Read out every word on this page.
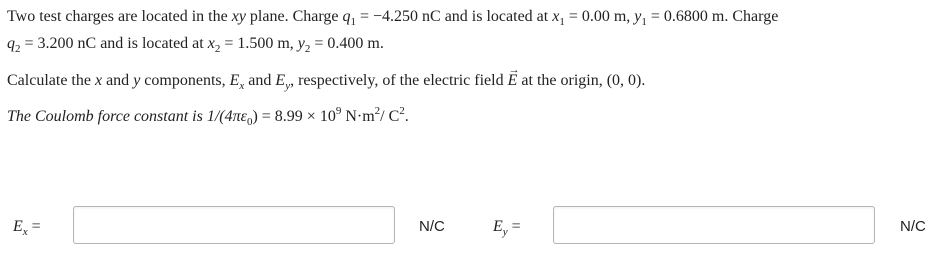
Two test charges are located in the xy plane. Charge $q_1 = -4.250$ nC and is located at $x_1 = 0.00$ m, $y_1 = 0.6800$ m. Charge
$q_2 = 3.200$ nC and is located at $x_2 = 1.500$ m, $y_2 = 0.400$ m.
Calculate the x and y components, $E_x$ and $E_y$, respectively, of the electric field → E at the origin, (0, 0).
The Coulomb force constant is $1/(4\pi\varepsilon_0) = 8.99 \times 10^9$ $N\cdot m^2/$ $C^2$.
$E_x$ =	N/C	$E_y$ =	N/C
